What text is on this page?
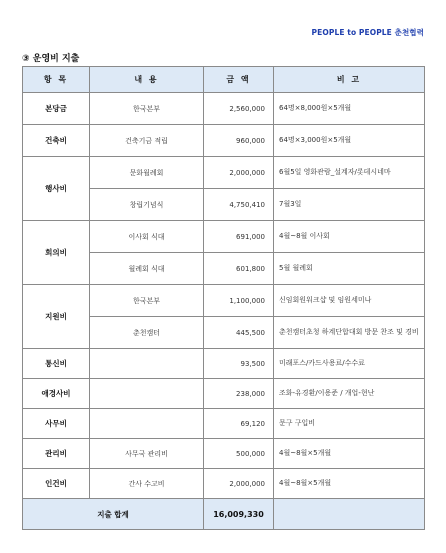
PEOPLE to PEOPLE 춘천협력
③ 운영비 지출
항 목	내 용	금 액	비 고
본당금	한국본부	2,560,000	64명×8,000원×5개월
건축비	건축기금 적립	960,000	64명×3,000원×5개월
행사비	문화월례회	2,000,000	6월5일 영화관람_설계자/롯데시네마
	창립기념식	4,750,410	7월3일
회의비	이사회 식대	691,000	4월~8월 이사회
	월례회 식대	601,800	5월 월례회
지원비	한국본부	1,100,000	신임회원워크샵 및 임원세미나
	춘천캠터	445,500	춘천캠터초청 하계단합대회 방문 찬조 및 경비
통신비		93,500	미래포스/카드사용료/수수료
애경사비		238,000	조화-유경환/이용준 / 개업-현난
사무비		69,120	문구 구입비
관리비	사무국 관리비	500,000	4월~8월×5개월
인건비	간사 수고비	2,000,000	4월~8월×5개월
지출 합계		16,009,330	
